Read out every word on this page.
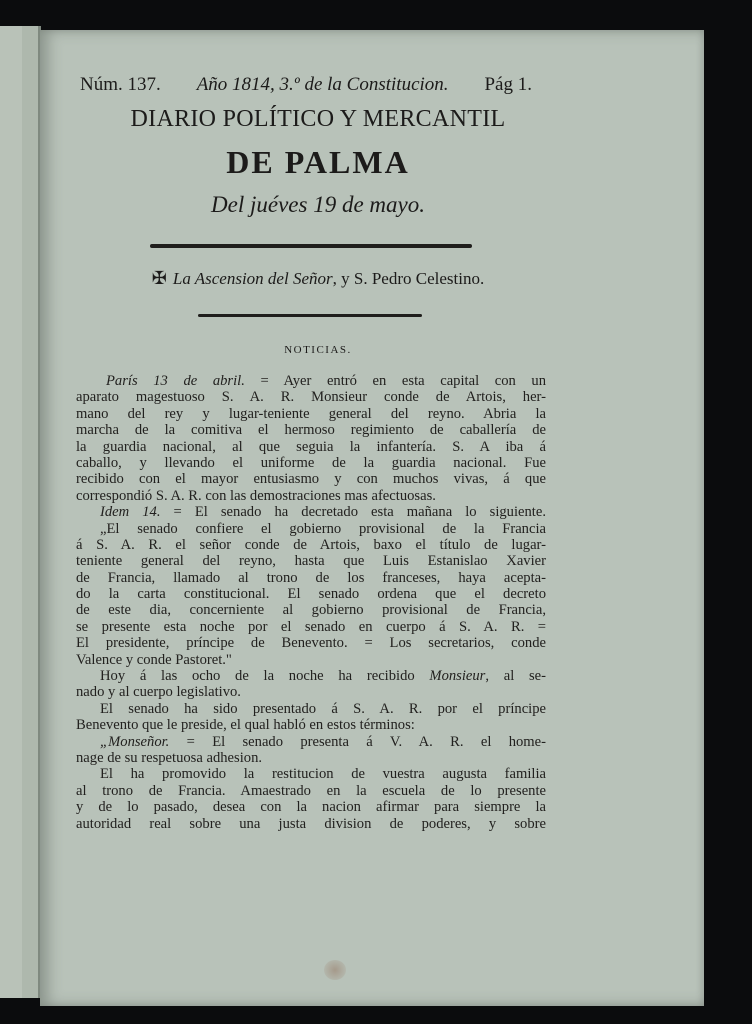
Núm. 137. Año 1814, 3.º de la Constitucion. Pág 1.
DIARIO POLÍTICO Y MERCANTIL
DE PALMA
Del juéves 19 de mayo.
✠ La Ascension del Señor, y S. Pedro Celestino.
NOTICIAS.
París 13 de abril. = Ayer entró en esta capital con un
aparato magestuoso S. A. R. Monsieur conde de Artois, her-
mano del rey y lugar-teniente general del reyno. Abria la
marcha de la comitiva el hermoso regimiento de caballería de
la guardia nacional, al que seguia la infantería. S. A iba á
caballo, y llevando el uniforme de la guardia nacional. Fue
recibido con el mayor entusiasmo y con muchos vivas, á que
correspondió S. A. R. con las demostraciones mas afectuosas.
Idem 14. = El senado ha decretado esta mañana lo siguiente.
„El senado confiere el gobierno provisional de la Francia
á S. A. R. el señor conde de Artois, baxo el título de lugar-
teniente general del reyno, hasta que Luis Estanislao Xavier
de Francia, llamado al trono de los franceses, haya acepta-
do la carta constitucional. El senado ordena que el decreto
de este dia, concerniente al gobierno provisional de Francia,
se presente esta noche por el senado en cuerpo á S. A. R. =
El presidente, príncipe de Benevento. = Los secretarios, conde
Valence y conde Pastoret."
Hoy á las ocho de la noche ha recibido Monsieur, al se-
nado y al cuerpo legislativo.
El senado ha sido presentado á S. A. R. por el príncipe
Benevento que le preside, el qual habló en estos términos:
„Monseñor. = El senado presenta á V. A. R. el home-
nage de su respetuosa adhesion.
El ha promovido la restitucion de vuestra augusta familia
al trono de Francia. Amaestrado en la escuela de lo presente
y de lo pasado, desea con la nacion afirmar para siempre la
autoridad real sobre una justa division de poderes, y sobre
